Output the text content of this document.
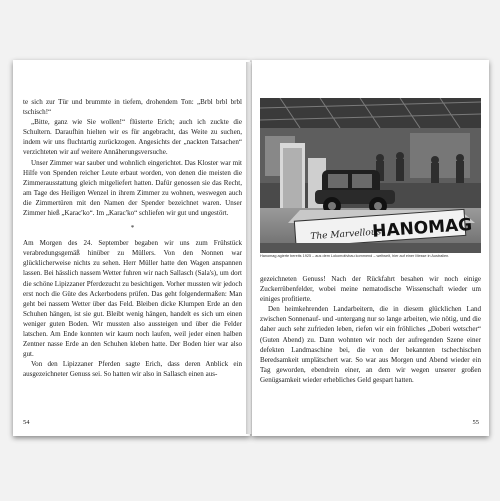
te sich zur Tür und brummte in tiefem, drohendem Ton: „Brbl brbl brbl tschisch!“

„Bitte, ganz wie Sie wollen!“ flüsterte Erich; auch ich zuckte die Schultern. Daraufhin hielten wir es für angebracht, das Weite zu suchen, indem wir uns fluchtartig zurückzogen. Angesichts der „nackten Tatsachen“ verzichteten wir auf weitere Annäherungsversuche.

Unser Zimmer war sauber und wohnlich eingerichtet. Das Kloster war mit Hilfe von Spenden reicher Leute erbaut worden, von denen die meisten die Zimmerausstattung gleich mitgeliefert hatten. Dafür genossen sie das Recht, am Tage des Heiligen Wenzel in ihrem Zimmer zu wohnen, weswegen auch die Zimmertüren mit den Namen der Spender bezeichnet waren. Unser Zimmer hieß „Karac'ko“. Im „Karac'ko“ schliefen wir gut und ungestört.

*

Am Morgen des 24. September begaben wir uns zum Frühstück verabredungsgemäß hinüber zu Müllers. Von den Nonnen war glücklicherweise nichts zu sehen. Herr Müller hatte den Wagen anspannen lassen. Bei hässlich nassem Wetter fuhren wir nach Sallasch (Sala's), um dort die schöne Lipizzaner Pferdezucht zu besichtigen. Vorher mussten wir jedoch erst noch die Güte des Ackerbodens prüfen. Das geht folgendermaßen: Man geht bei nassem Wetter über das Feld. Bleiben dicke Klumpen Erde an den Schuhen hängen, ist sie gut. Bleibt wenig hängen, handelt es sich um einen weniger guten Boden. Wir mussten also aussteigen und über die Felder latschen. Am Ende konnten wir kaum noch laufen, weil jeder einen halben Zentner nasse Erde an den Schuhen kleben hatte. Der Boden hier war also gut.

Von den Lipizzaner Pferden sagte Erich, dass deren Anblick ein ausgezeichneter Genuss sei. So hatten wir also in Sallasch einen aus-

54
The Marvellous
HANOMAG
Hanomag agierte bereits 1925 – aus dem Lokomotivbau kommend – weltweit, hier auf einer Messe in Australien.

gezeichneten Genuss! Nach der Rückfahrt besahen wir noch einige Zuckerrübenfelder, wobei meine nematodische Wissenschaft wieder um einiges profitierte.

Den heimkehrenden Landarbeitern, die in diesem glücklichen Land zwischen Sonnenauf- und -untergang nur so lange arbeiten, wie nötig, und die daher auch sehr zufrieden leben, riefen wir ein fröhliches „Doberi wetscher“ (Guten Abend) zu. Dann wohnten wir noch der aufregenden Szene einer defekten Landmaschine bei, die von der bekannten tschechischen Beredsamkeit umplätschert war. So war aus Morgen und Abend wieder ein Tag geworden, ebendrein einer, an dem wir wegen unserer großen Genügsamkeit wieder erhebliches Geld gespart hatten.

55
